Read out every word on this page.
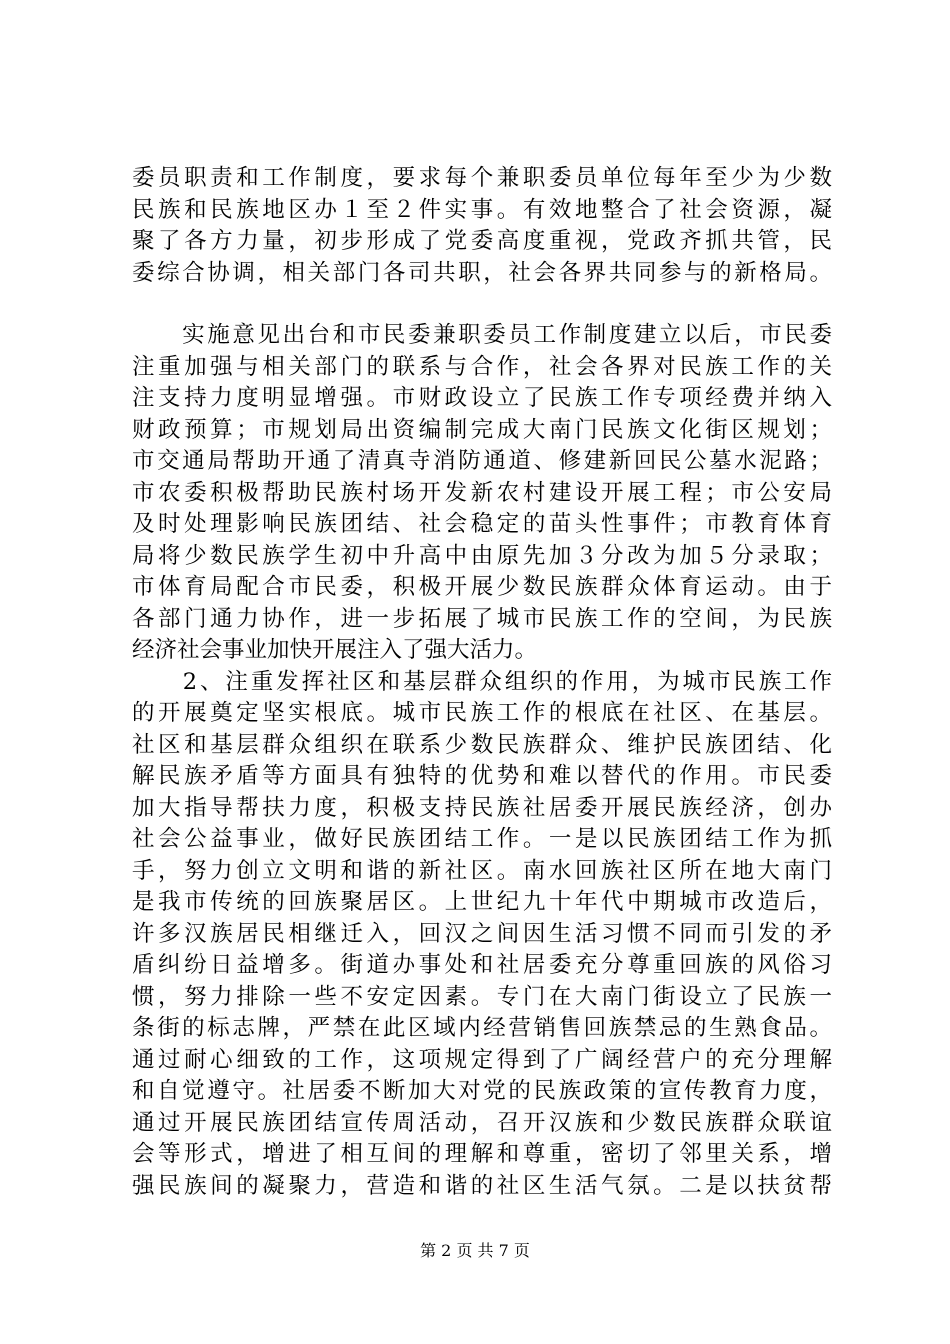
委员职责和工作制度，要求每个兼职委员单位每年至少为少数
民族和民族地区办１至２件实事。有效地整合了社会资源，凝
聚了各方力量，初步形成了党委高度重视，党政齐抓共管，民
委综合协调，相关部门各司共职，社会各界共同参与的新格局。

　　实施意见出台和市民委兼职委员工作制度建立以后，市民委
注重加强与相关部门的联系与合作，社会各界对民族工作的关
注支持力度明显增强。市财政设立了民族工作专项经费并纳入
财政预算；市规划局出资编制完成大南门民族文化街区规划；
市交通局帮助开通了清真寺消防通道、修建新回民公墓水泥路；
市农委积极帮助民族村场开发新农村建设开展工程；市公安局
及时处理影响民族团结、社会稳定的苗头性事件；市教育体育
局将少数民族学生初中升高中由原先加３分改为加５分录取；
市体育局配合市民委，积极开展少数民族群众体育运动。由于
各部门通力协作，进一步拓展了城市民族工作的空间，为民族
经济社会事业加快开展注入了强大活力。

　　2、注重发挥社区和基层群众组织的作用，为城市民族工作
的开展奠定坚实根底。城市民族工作的根底在社区、在基层。
社区和基层群众组织在联系少数民族群众、维护民族团结、化
解民族矛盾等方面具有独特的优势和难以替代的作用。市民委
加大指导帮扶力度，积极支持民族社居委开展民族经济，创办
社会公益事业，做好民族团结工作。一是以民族团结工作为抓
手，努力创立文明和谐的新社区。南水回族社区所在地大南门
是我市传统的回族聚居区。上世纪九十年代中期城市改造后，
许多汉族居民相继迁入，回汉之间因生活习惯不同而引发的矛
盾纠纷日益增多。街道办事处和社居委充分尊重回族的风俗习
惯，努力排除一些不安定因素。专门在大南门街设立了民族一
条街的标志牌，严禁在此区域内经营销售回族禁忌的生熟食品。
通过耐心细致的工作，这项规定得到了广阔经营户的充分理解
和自觉遵守。社居委不断加大对党的民族政策的宣传教育力度，
通过开展民族团结宣传周活动，召开汉族和少数民族群众联谊
会等形式，增进了相互间的理解和尊重，密切了邻里关系，增
强民族间的凝聚力，营造和谐的社区生活气氛。二是以扶贫帮

第 2 页 共 7 页
